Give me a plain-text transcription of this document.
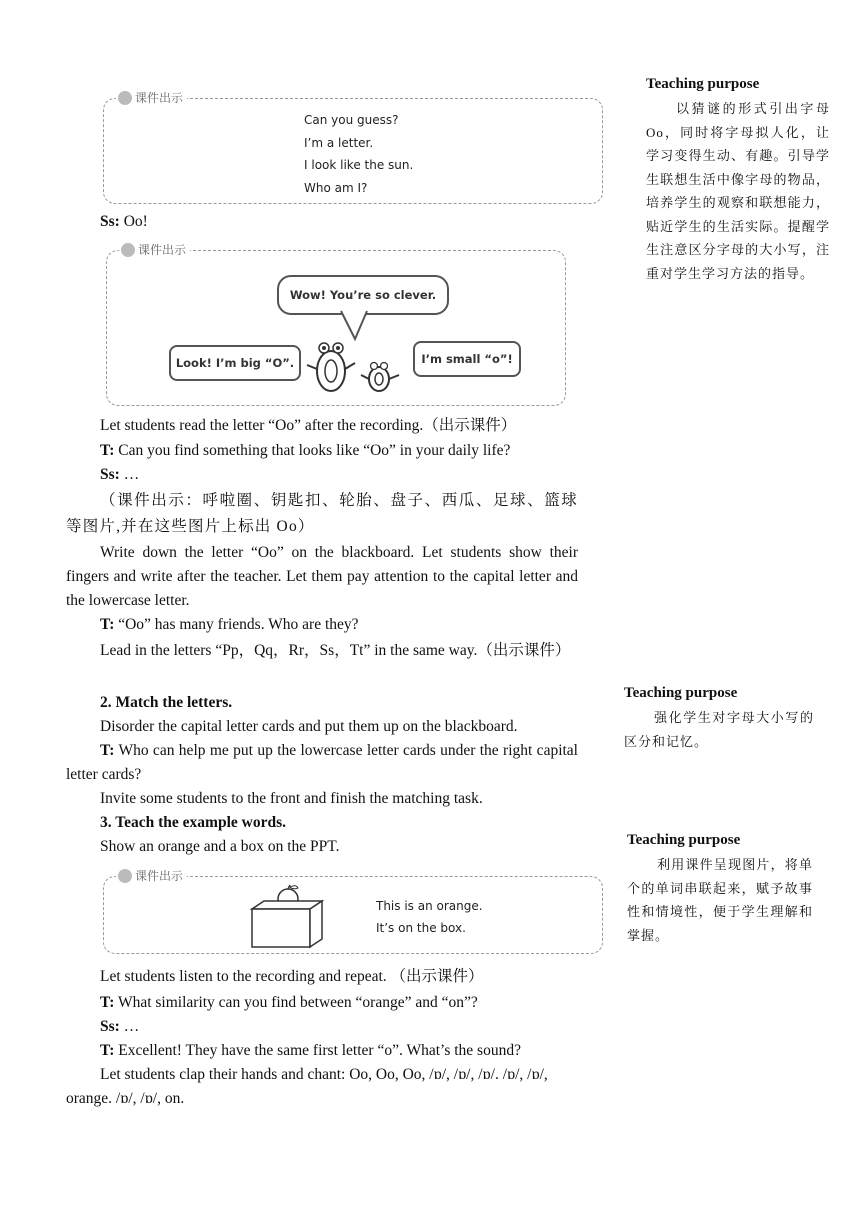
课件出示
Can you guess?
I’m a letter.
I look like the sun.
Who am I?
Ss: Oo!
Let students read the letter “Oo” after the recording.（出示课件）
T: Can you find something that looks like “Oo” in your daily life?
Ss: …
（课件出示：呼啦圈、钥匙扣、轮胎、盘子、西瓜、足球、篮球等图片,并在这些图片上标出 Oo）
Write down the letter “Oo” on the blackboard. Let students show their fingers and write after the teacher. Let them pay attention to the capital letter and the lowercase letter.
T: “Oo” has many friends. Who are they?
Lead in the letters “Pp，Qq，Rr，Ss，Tt” in the same way.（出示课件）
2. Match the letters.
Disorder the capital letter cards and put them up on the blackboard.
T: Who can help me put up the lowercase letter cards under the right capital letter cards?
Invite some students to the front and finish the matching task.
3. Teach the example words.
Show an orange and a box on the PPT.
Let students listen to the recording and repeat. （出示课件）
T: What similarity can you find between “orange” and “on”?
Ss: …
T: Excellent! They have the same first letter “o”. What’s the sound?
Let students clap their hands and chant: Oo, Oo, Oo, /ɒ/, /ɒ/, /ɒ/. /ɒ/, /ɒ/, orange. /ɒ/, /ɒ/, on.
课件出示
Wow! You’re so clever.
Look! I’m big “O”.	I’m small “o”!
课件出示
This is an orange.
It’s on the box.
Teaching purpose
以猜谜的形式引出字母Oo，同时将字母拟人化，让学习变得生动、有趣。引导学生联想生活中像字母的物品，培养学生的观察和联想能力，贴近学生的生活实际。提醒学生注意区分字母的大小写，注重对学生学习方法的指导。
Teaching purpose
强化学生对字母大小写的区分和记忆。
Teaching purpose
利用课件呈现图片，将单个的单词串联起来，赋予故事性和情境性，便于学生理解和掌握。
